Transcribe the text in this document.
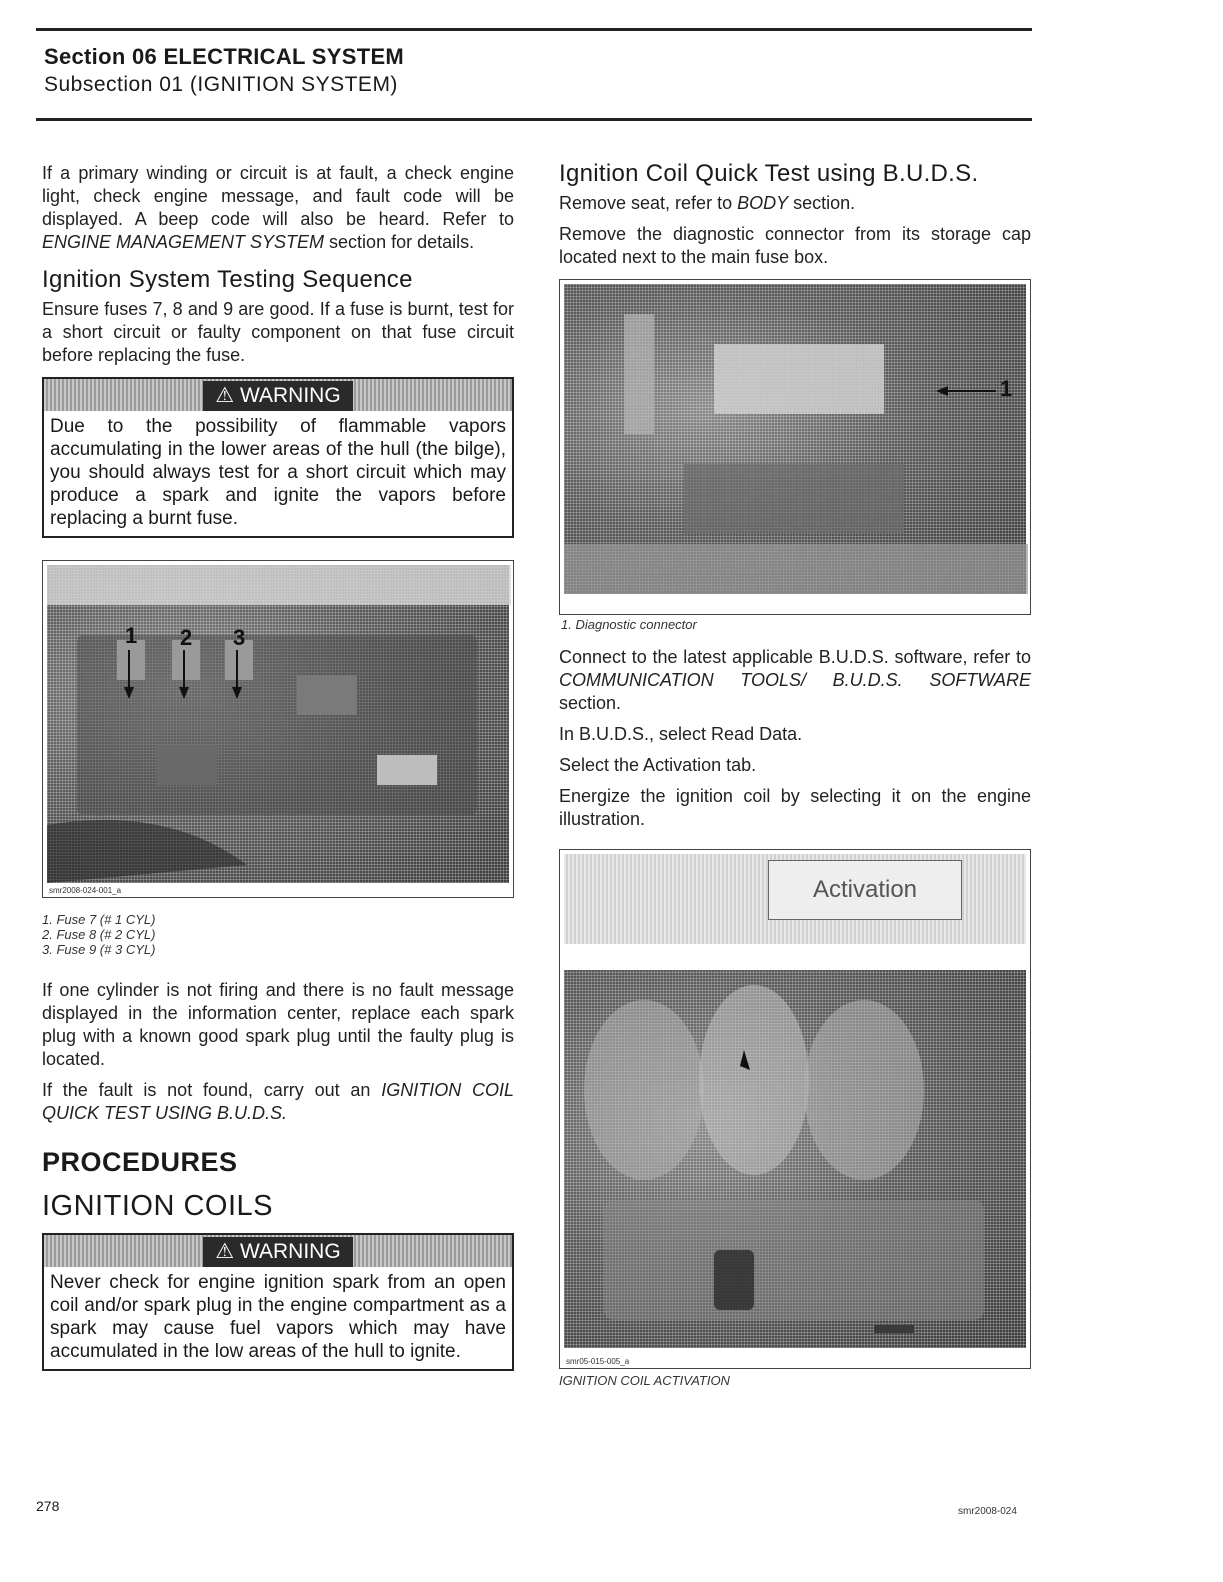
Section 06 ELECTRICAL SYSTEM
Subsection 01 (IGNITION SYSTEM)

If a primary winding or circuit is at fault, a check engine light, check engine message, and fault code will be displayed. A beep code will also be heard. Refer to ENGINE MANAGEMENT SYSTEM section for details.

Ignition System Testing Sequence

Ensure fuses 7, 8 and 9 are good. If a fuse is burnt, test for a short circuit or faulty component on that fuse circuit before replacing the fuse.

⚠ WARNING
Due to the possibility of flammable vapors accumulating in the lower areas of the hull (the bilge), you should always test for a short circuit which may produce a spark and ignite the vapors before replacing a burnt fuse.
1 2 3
smr2008-024-001_a
1. Fuse 7 (# 1 CYL)
2. Fuse 8 (# 2 CYL)
3. Fuse 9 (# 3 CYL)

If one cylinder is not firing and there is no fault message displayed in the information center, replace each spark plug with a known good spark plug until the faulty plug is located.

If the fault is not found, carry out an IGNITION COIL QUICK TEST USING B.U.D.S.

PROCEDURES
IGNITION COILS
⚠ WARNING
Never check for engine ignition spark from an open coil and/or spark plug in the engine compartment as a spark may cause fuel vapors which may have accumulated in the low areas of the hull to ignite.
Ignition Coil Quick Test using B.U.D.S.

Remove seat, refer to BODY section.

Remove the diagnostic connector from its storage cap located next to the main fuse box.

1
1. Diagnostic connector

Connect to the latest applicable B.U.D.S. software, refer to COMMUNICATION TOOLS/ B.U.D.S. SOFTWARE section.

In B.U.D.S., select Read Data.

Select the Activation tab.

Energize the ignition coil by selecting it on the engine illustration.

Activation
smr05-015-005_a
IGNITION COIL ACTIVATION
278	smr2008-024
